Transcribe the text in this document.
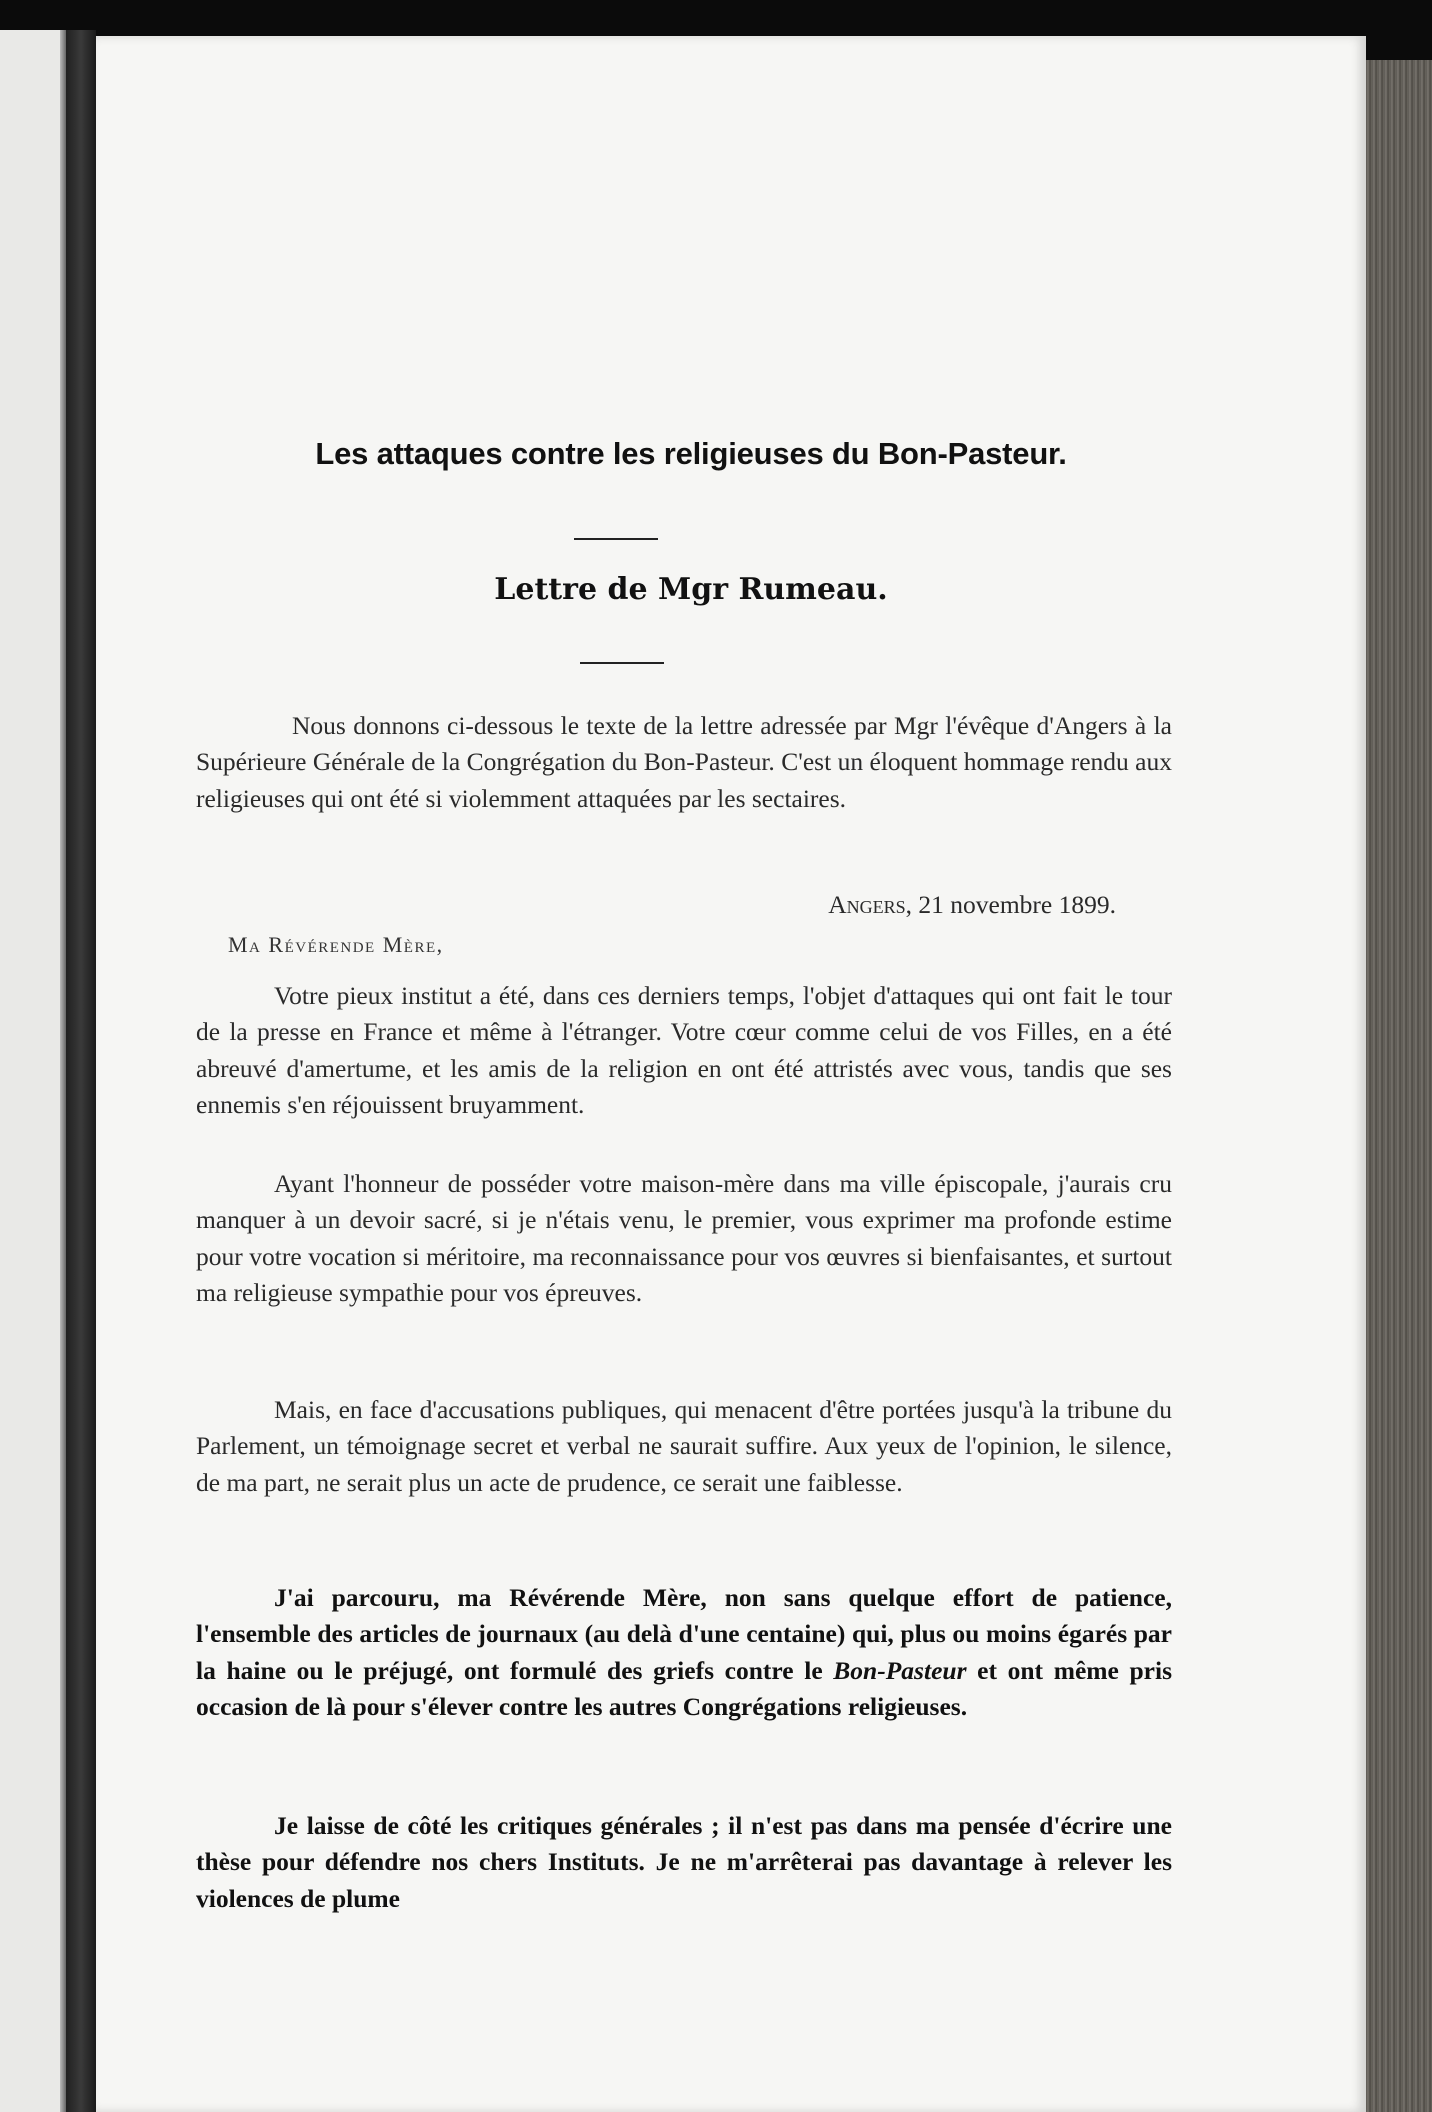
Les attaques contre les religieuses du Bon-Pasteur.
Lettre de Mgr Rumeau.
Nous donnons ci-dessous le texte de la lettre adressée par Mgr l'évêque d'Angers à la Supérieure Générale de la Congrégation du Bon-Pasteur. C'est un éloquent hommage rendu aux religieuses qui ont été si violemment attaquées par les sectaires.
Angers, 21 novembre 1899.
Ma Révérende Mère,
Votre pieux institut a été, dans ces derniers temps, l'objet d'attaques qui ont fait le tour de la presse en France et même à l'étranger. Votre cœur comme celui de vos Filles, en a été abreuvé d'amertume, et les amis de la religion en ont été attristés avec vous, tandis que ses ennemis s'en réjouissent bruyamment.
Ayant l'honneur de posséder votre maison-mère dans ma ville épiscopale, j'aurais cru manquer à un devoir sacré, si je n'étais venu, le premier, vous exprimer ma profonde estime pour votre vocation si méritoire, ma reconnaissance pour vos œuvres si bienfaisantes, et surtout ma religieuse sympathie pour vos épreuves.
Mais, en face d'accusations publiques, qui menacent d'être portées jusqu'à la tribune du Parlement, un témoignage secret et verbal ne saurait suffire. Aux yeux de l'opinion, le silence, de ma part, ne serait plus un acte de prudence, ce serait une faiblesse.
J'ai parcouru, ma Révérende Mère, non sans quelque effort de patience, l'ensemble des articles de journaux (au delà d'une centaine) qui, plus ou moins égarés par la haine ou le préjugé, ont formulé des griefs contre le Bon-Pasteur et ont même pris occasion de là pour s'élever contre les autres Congrégations religieuses.
Je laisse de côté les critiques générales ; il n'est pas dans ma pensée d'écrire une thèse pour défendre nos chers Instituts. Je ne m'arrêterai pas davantage à relever les violences de plume
